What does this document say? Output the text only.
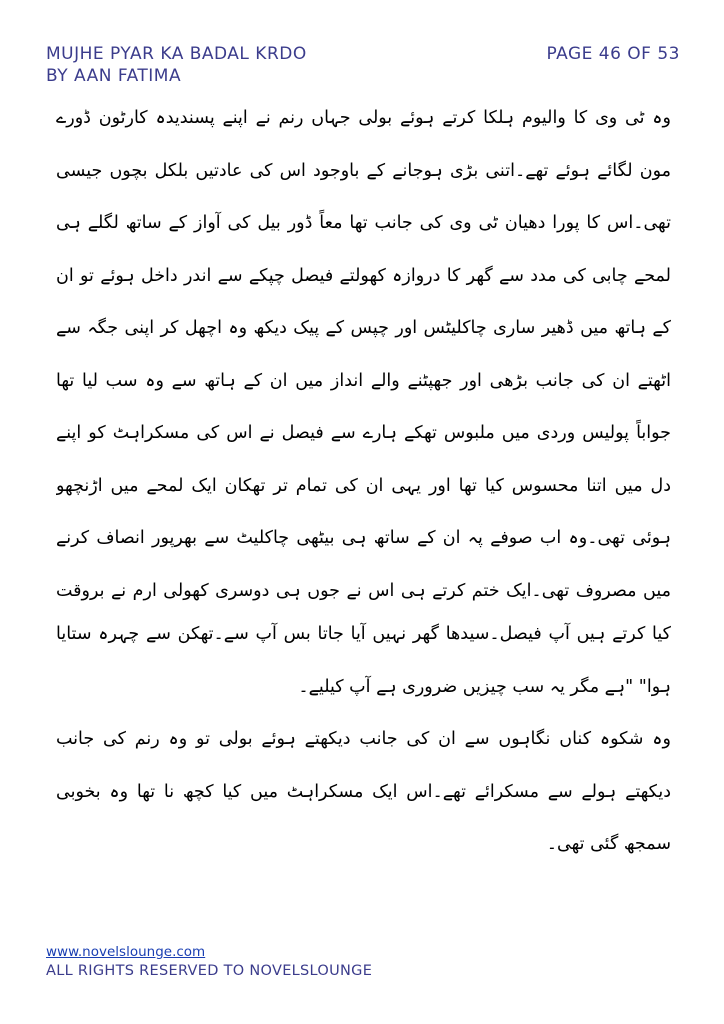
MUJHE PYAR KA BADAL KRDO
BY AAN FATIMA
PAGE 46 OF 53

وہ ٹی وی کا والیوم ہلکا کرتے ہوئے بولی جہاں رنم نے اپنے پسندیدہ کارٹون ڈورے مون لگائے ہوئے تھے۔اتنی بڑی ہوجانے کے باوجود اس کی عادتیں بلکل بچوں جیسی تھی۔اس کا پورا دھیان ٹی وی کی جانب تھا معاً ڈور بیل کی آواز کے ساتھ لگلے ہی لمحے چابی کی مدد سے گھر کا دروازہ کھولتے فیصل چپکے سے اندر داخل ہوئے تو ان کے ہاتھ میں ڈھیر ساری چاکلیٹس اور چپس کے پیک دیکھ وہ اچھل کر اپنی جگہ سے اٹھتے ان کی جانب بڑھی اور جھپٹنے والے انداز میں ان کے ہاتھ سے وہ سب لیا تھا جواباً پولیس وردی میں ملبوس تھکے ہارے سے فیصل نے اس کی مسکراہٹ کو اپنے دل میں اتنا محسوس کیا تھا اور یہی ان کی تمام تر تھکان ایک لمحے میں اڑنچھو ہوئی تھی۔وہ اب صوفے پہ ان کے ساتھ ہی بیٹھی چاکلیٹ سے بھرپور انصاف کرنے میں مصروف تھی۔ایک ختم کرتے ہی اس نے جوں ہی دوسری کھولی ارم نے بروقت

کیا کرتے ہیں آپ فیصل۔سیدھا گھر نہیں آیا جاتا بس آپ سے۔تھکن سے چہرہ ستایا ہوا" "ہے مگر یہ سب چیزیں ضروری ہے آپ کیلیے۔

وہ شکوہ کناں نگاہوں سے ان کی جانب دیکھتے ہوئے بولی تو وہ رنم کی جانب دیکھتے ہولے سے مسکرائے تھے۔اس ایک مسکراہٹ میں کیا کچھ نا تھا وہ بخوبی سمجھ گئی تھی۔

www.novelslounge.com
ALL RIGHTS RESERVED TO NOVELSLOUNGE
